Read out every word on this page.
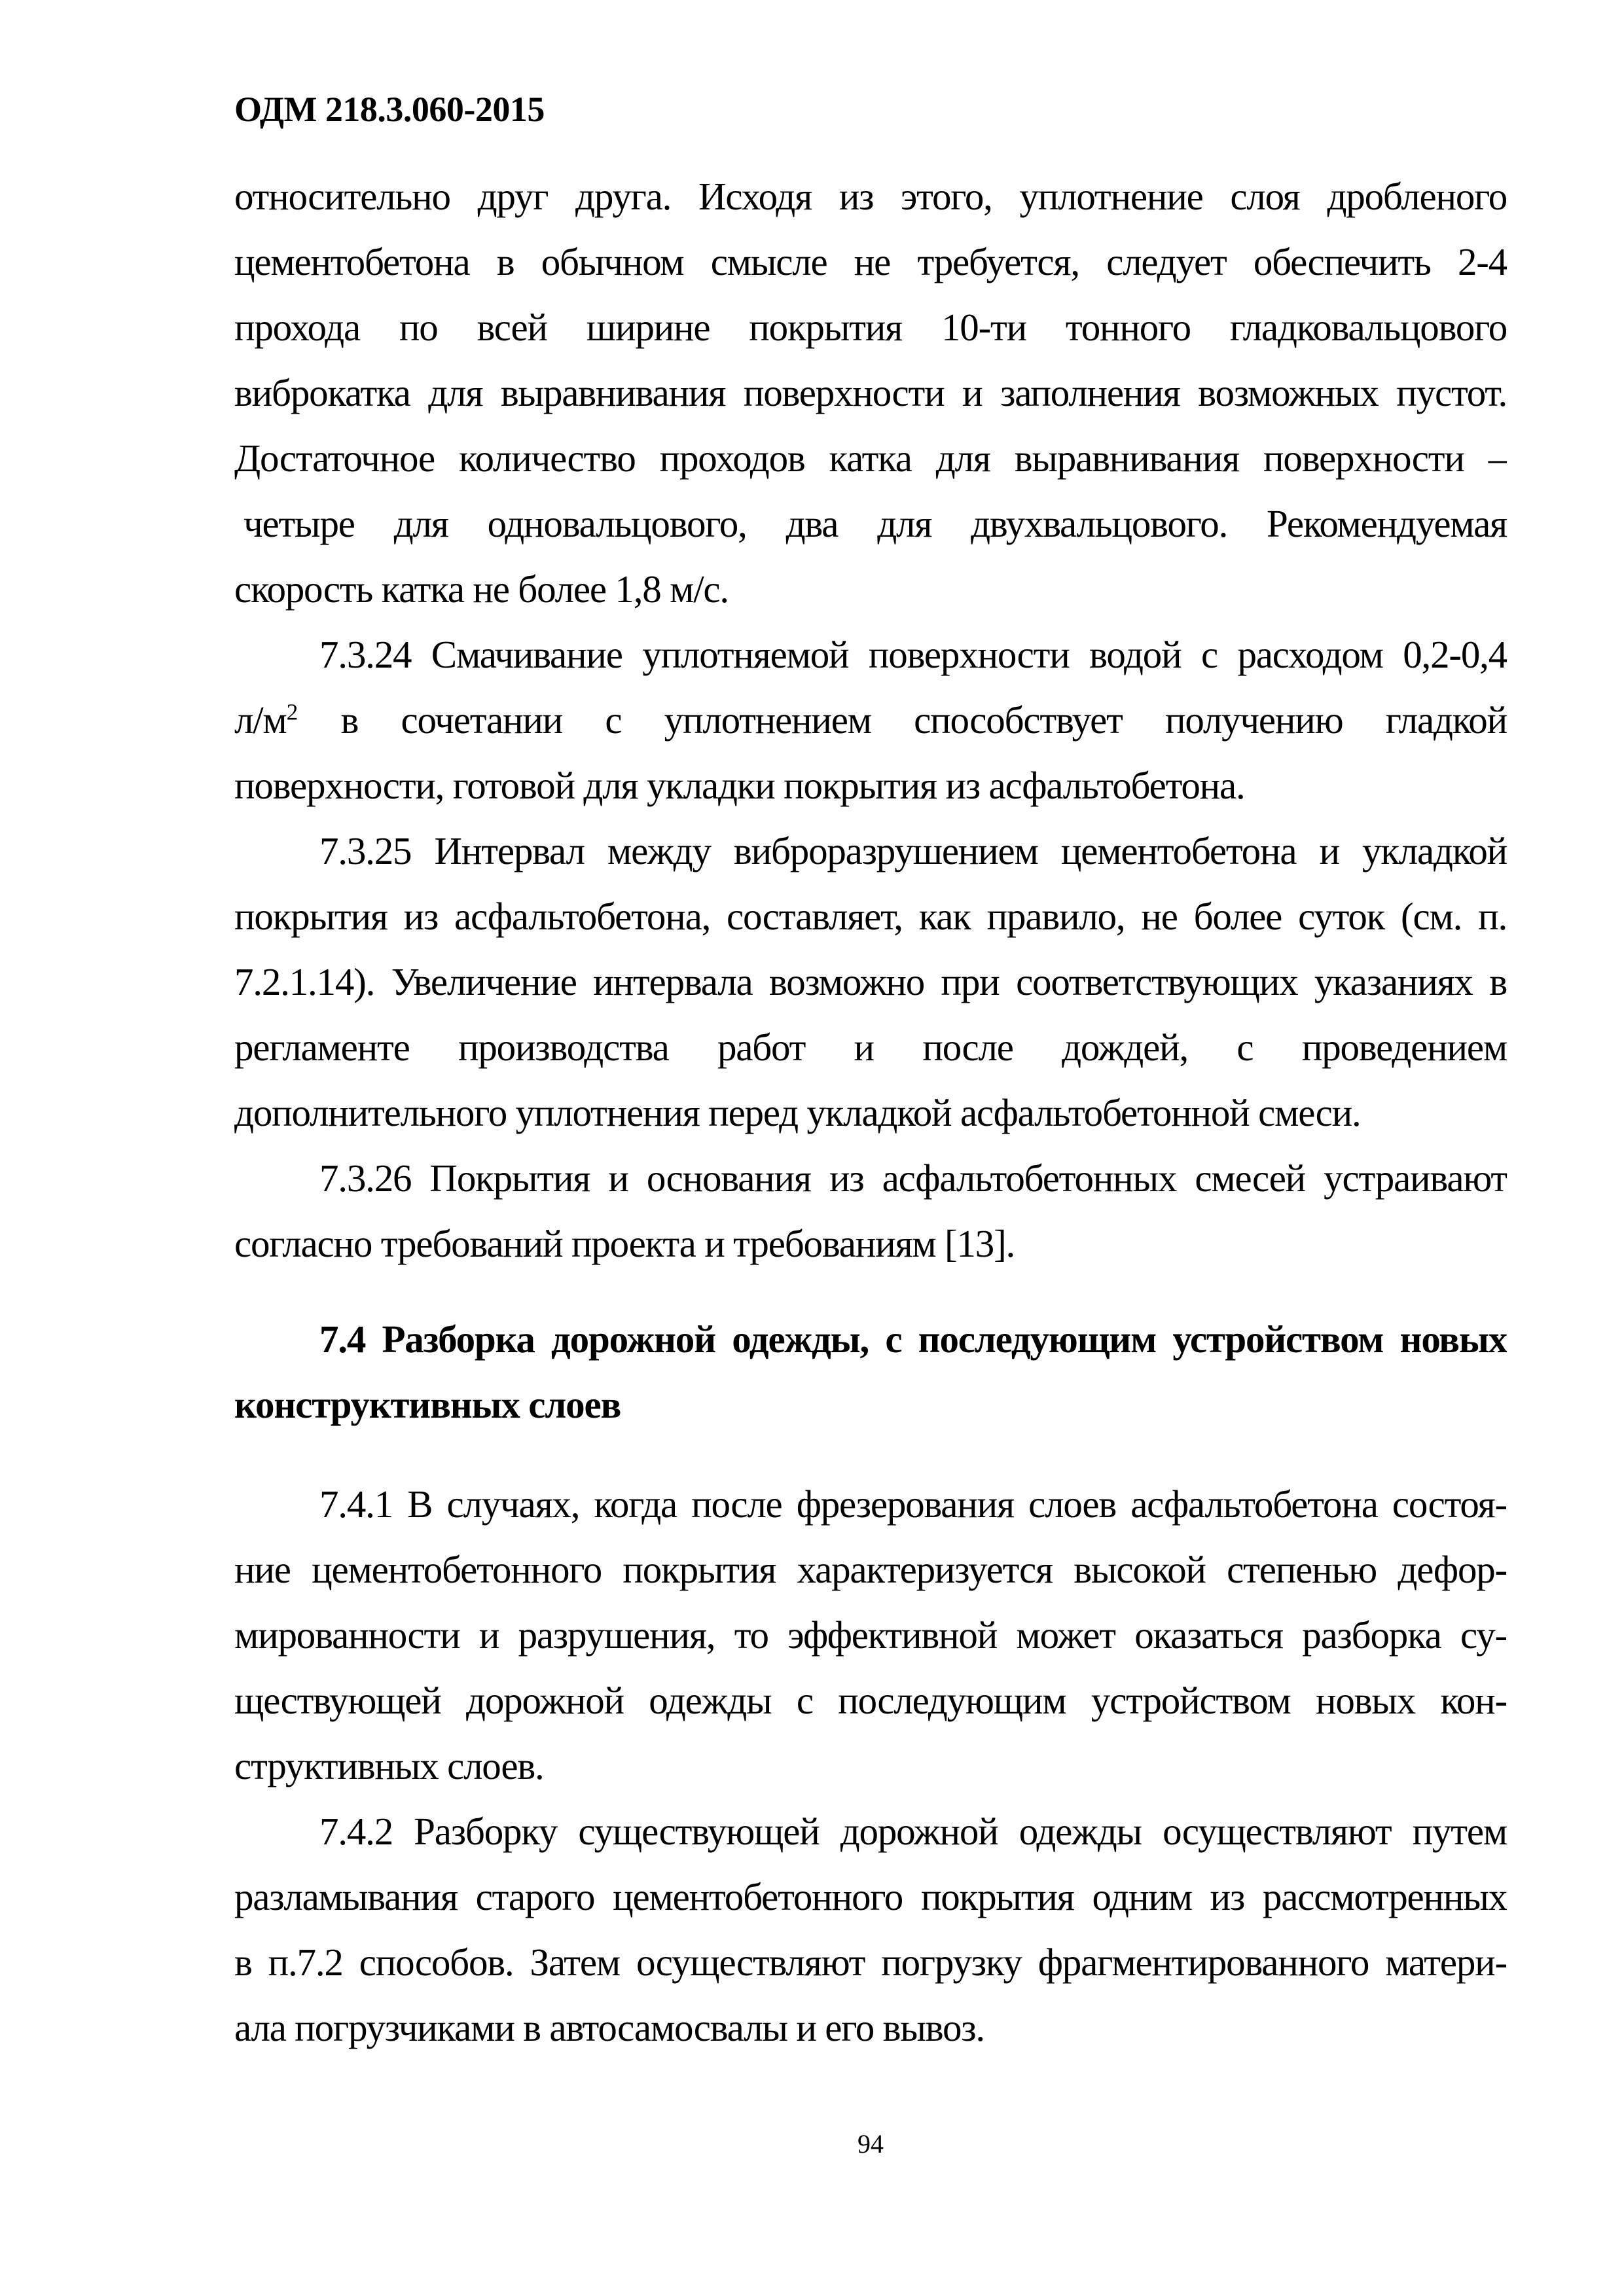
ОДМ 218.3.060-2015
относительно друг друга. Исходя из этого, уплотнение слоя дробленого
цементобетона в обычном смысле не требуется, следует обеспечить 2-4
прохода по всей ширине покрытия 10-ти тонного гладковальцового
виброкатка для выравнивания поверхности и заполнения возможных пустот.
Достаточное количество проходов катка для выравнивания поверхности –
четыре для одновальцового, два для двухвальцового. Рекомендуемая
скорость катка не более 1,8 м/с.
7.3.24 Смачивание уплотняемой поверхности водой с расходом 0,2-0,4
$л/м^2$ в сочетании с уплотнением способствует получению гладкой
поверхности, готовой для укладки покрытия из асфальтобетона.
7.3.25 Интервал между виброразрушением цементобетона и укладкой
покрытия из асфальтобетона, составляет, как правило, не более суток (см. п.
7.2.1.14). Увеличение интервала возможно при соответствующих указаниях в
регламенте производства работ и после дождей, с проведением
дополнительного уплотнения перед укладкой асфальтобетонной смеси.
7.3.26 Покрытия и основания из асфальтобетонных смесей устраивают
согласно требований проекта и требованиям [13].
7.4 Разборка дорожной одежды, с последующим устройством новых
конструктивных слоев
7.4.1 В случаях, когда после фрезерования слоев асфальтобетона состоя-
ние цементобетонного покрытия характеризуется высокой степенью дефор-
мированности и разрушения, то эффективной может оказаться разборка су-
ществующей дорожной одежды с последующим устройством новых кон-
структивных слоев.
7.4.2 Разборку существующей дорожной одежды осуществляют путем
разламывания старого цементобетонного покрытия одним из рассмотренных
в п.7.2 способов. Затем осуществляют погрузку фрагментированного матери-
ала погрузчиками в автосамосвалы и его вывоз.
94
